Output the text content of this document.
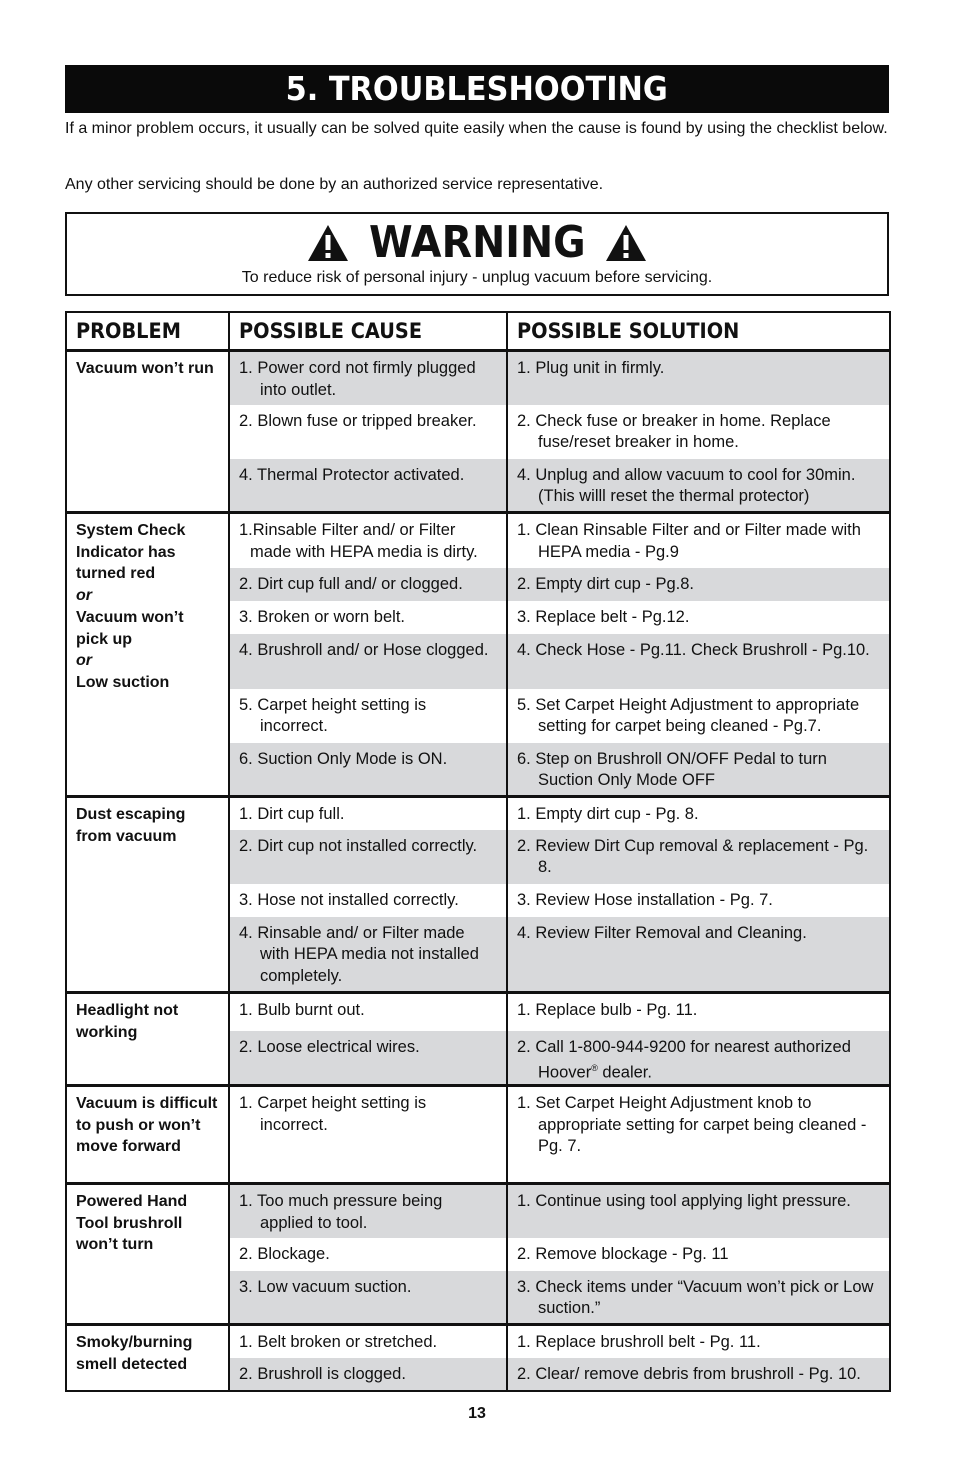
5. TROUBLESHOOTING
If a minor problem occurs, it usually can be solved quite easily when the cause is found by using the checklist below.
Any other servicing should be done by an authorized service representative.
WARNING
To reduce risk of personal injury - unplug vacuum before servicing.
PROBLEM	POSSIBLE CAUSE	POSSIBLE SOLUTION

Vacuum won’t run	1. Power cord not firmly plugged into outlet.	1. Plug unit in firmly.

	2. Blown fuse or tripped breaker.	2. Check fuse or breaker in home. Replace fuse/reset breaker in home.

	4. Thermal Protector activated.	4. Unplug and allow vacuum to cool for 30min. (This willl reset the thermal protector)

System Check Indicator has turned red
or
Vacuum won’t pick up
or
Low suction	1.Rinsable Filter and/ or Filter made with HEPA media is dirty.	1. Clean Rinsable Filter and or Filter made with HEPA media - Pg.9

	2. Dirt cup full and/ or clogged.	2. Empty dirt cup - Pg.8.

	3. Broken or worn belt.	3. Replace belt - Pg.12.

	4. Brushroll and/ or Hose clogged.	4. Check Hose - Pg.11. Check Brushroll - Pg.10.

	5. Carpet height setting is incorrect.	5. Set Carpet Height Adjustment to appropriate setting for carpet being cleaned - Pg.7.

	6. Suction Only Mode is ON.	6. Step on Brushroll ON/OFF Pedal to turn Suction Only Mode OFF

Dust escaping from vacuum	1. Dirt cup full.	1. Empty dirt cup - Pg. 8.

	2. Dirt cup not installed correctly.	2. Review Dirt Cup removal & replacement - Pg. 8.

	3. Hose not installed correctly.	3. Review Hose installation - Pg. 7.

	4. Rinsable and/ or Filter made with HEPA media not installed completely.	4. Review Filter Removal and Cleaning.

Headlight not working	1. Bulb burnt out.	1. Replace bulb - Pg. 11.

	2. Loose electrical wires.	2. Call 1-800-944-9200 for nearest authorized Hoover® dealer.

Vacuum is difficult to push or won’t move forward	1. Carpet height setting is incorrect.	1. Set Carpet Height Adjustment knob to appropriate setting for carpet being cleaned - Pg. 7.

Powered Hand Tool brushroll won’t turn	1. Too much pressure being applied to tool.	1. Continue using tool applying light pressure.

	2. Blockage.	2. Remove blockage - Pg. 11

	3. Low vacuum suction.	3. Check items under “Vacuum won’t pick or Low suction.”

Smoky/burning smell detected	1. Belt broken or stretched.	1. Replace brushroll belt - Pg. 11.

	2. Brushroll is clogged.	2. Clear/ remove debris from brushroll - Pg. 10.
13
